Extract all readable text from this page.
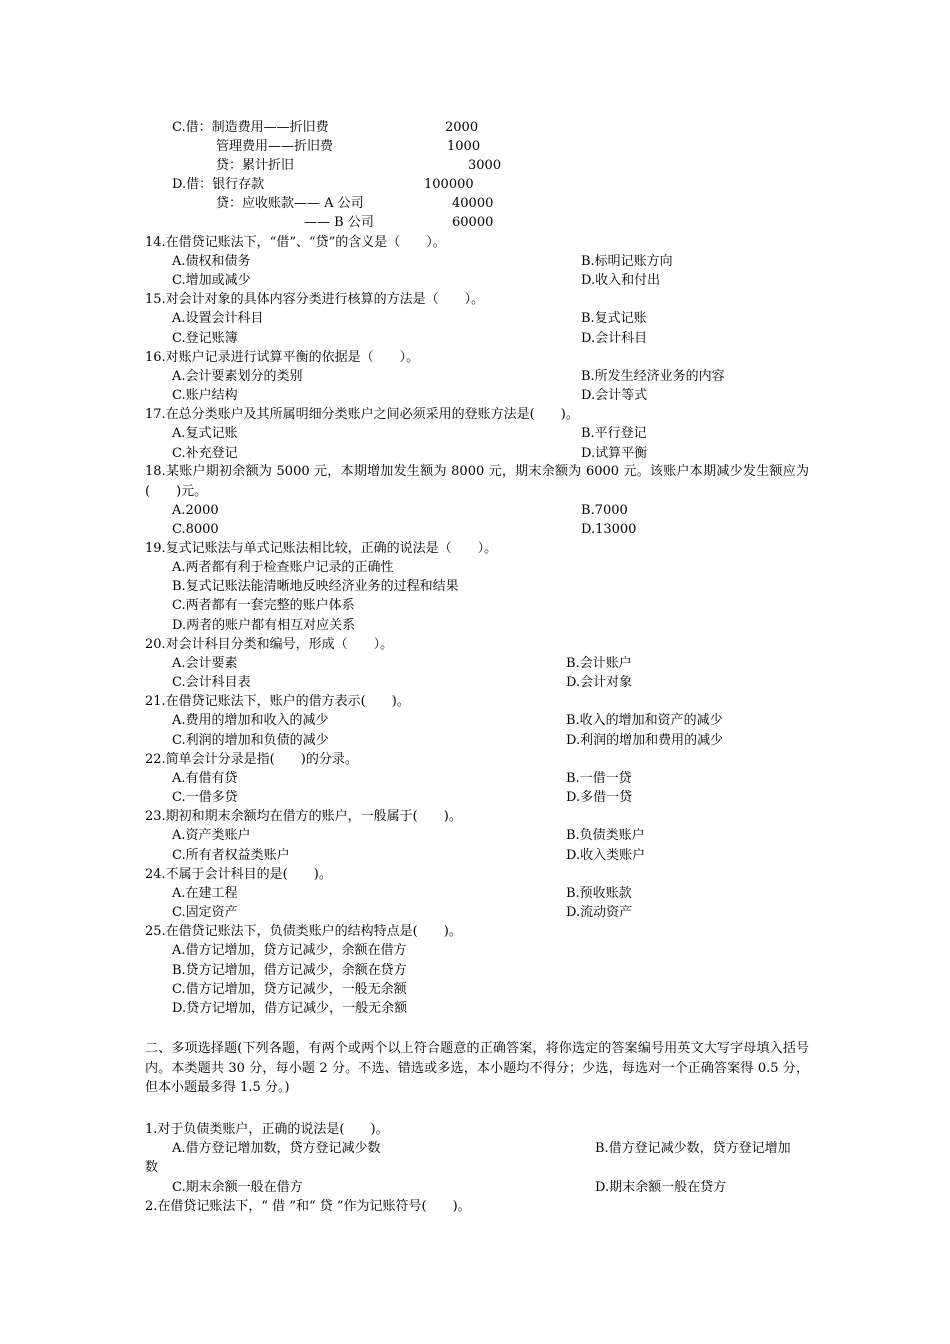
C.借：制造费用——折旧费	2000
管理费用——折旧费	1000
贷：累计折旧	3000
D.借：银行存款	100000
贷：应收账款—— A 公司	40000
—— B 公司	60000
14.在借贷记账法下，“借”、“贷”的含义是（　　）。
A.债权和债务	B.标明记账方向
C.增加或减少	D.收入和付出
15.对会计对象的具体内容分类进行核算的方法是（　　）。
A.设置会计科目	B.复式记账
C.登记账簿	D.会计科目
16.对账户记录进行试算平衡的依据是（　　）。
A.会计要素划分的类别	B.所发生经济业务的内容
C.账户结构	D.会计等式
17.在总分类账户及其所属明细分类账户之间必须采用的登账方法是(　　)。
A.复式记账	B.平行登记
C.补充登记	D.试算平衡
18.某账户期初余额为 5000 元，本期增加发生额为 8000 元，期末余额为 6000 元。该账户本期减少发生额应为(　　)元。
A.2000	B.7000
C.8000	D.13000
19.复式记账法与单式记账法相比较，正确的说法是（　　）。
A.两者都有利于检查账户记录的正确性
B.复式记账法能清晰地反映经济业务的过程和结果
C.两者都有一套完整的账户体系
D.两者的账户都有相互对应关系
20.对会计科目分类和编号，形成（　　）。
A.会计要素	B.会计账户
C.会计科目表	D.会计对象
21.在借贷记账法下，账户的借方表示(　　)。
A.费用的增加和收入的减少	B.收入的增加和资产的减少
C.利润的增加和负债的减少	D.利润的增加和费用的减少
22.简单会计分录是指(　　)的分录。
A.有借有贷	B.一借一贷
C.一借多贷	D.多借一贷
23.期初和期末余额均在借方的账户，一般属于(　　)。
A.资产类账户	B.负债类账户
C.所有者权益类账户	D.收入类账户
24.不属于会计科目的是(　　)。
A.在建工程	B.预收账款
C.固定资产	D.流动资产
25.在借贷记账法下，负债类账户的结构特点是(　　)。
A.借方记增加，贷方记减少，余额在借方
B.贷方记增加，借方记减少，余额在贷方
C.借方记增加，贷方记减少，一般无余额
D.贷方记增加，借方记减少，一般无余额
二、多项选择题(下列各题，有两个或两个以上符合题意的正确答案，将你选定的答案编号用英文大写字母填入括号内。本类题共 30 分，每小题 2 分。不选、错选或多选，本小题均不得分；少选，每选对一个正确答案得 0.5 分，但本小题最多得 1.5 分。)
1.对于负债类账户，正确的说法是(　　)。
A.借方登记增加数，贷方登记减少数	B.借方登记减少数，贷方登记增加
数
C.期末余额一般在借方	D.期末余额一般在贷方
2.在借贷记账法下，“ 借 ”和“ 贷 ”作为记账符号(　　)。
